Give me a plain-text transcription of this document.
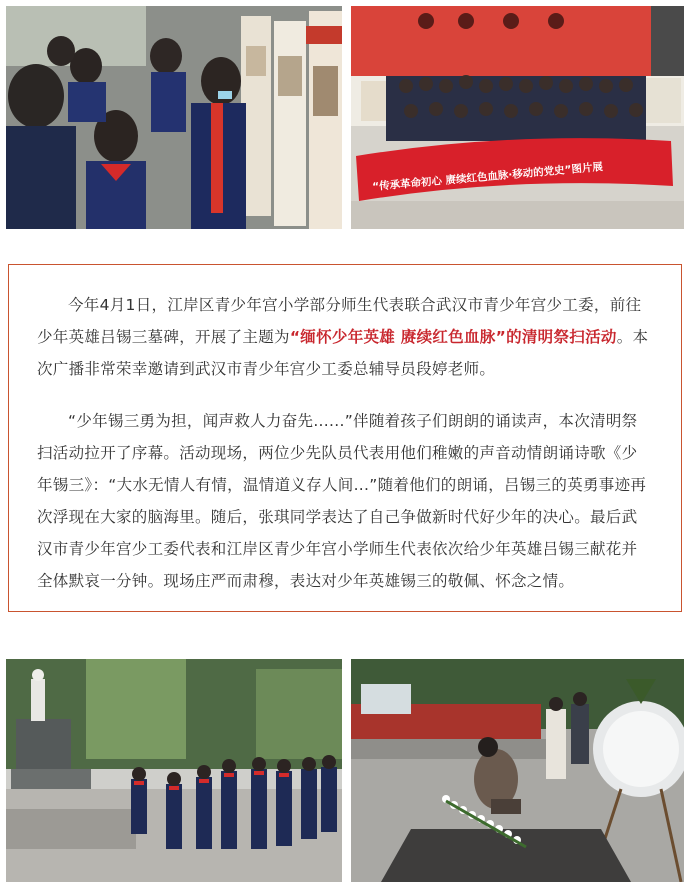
“传承革命初心 赓续红色血脉·移动的党史”图片展

今年4月1日，江岸区青少年宫小学部分师生代表联合武汉市青少年宫少工委，前往少年英雄吕锡三墓碑，开展了主题为“缅怀少年英雄 赓续红色血脉”的清明祭扫活动。本次广播非常荣幸邀请到武汉市青少年宫少工委总辅导员段婷老师。

“少年锡三勇为担，闻声救人力奋先......”伴随着孩子们朗朗的诵读声，本次清明祭扫活动拉开了序幕。活动现场，两位少先队员代表用他们稚嫩的声音动情朗诵诗歌《少年锡三》：“大水无情人有情，温情道义存人间...”随着他们的朗诵，吕锡三的英勇事迹再次浮现在大家的脑海里。随后，张琪同学表达了自己争做新时代好少年的决心。最后武汉市青少年宫少工委代表和江岸区青少年宫小学师生代表依次给少年英雄吕锡三献花并全体默哀一分钟。现场庄严而肃穆，表达对少年英雄锡三的敬佩、怀念之情。
